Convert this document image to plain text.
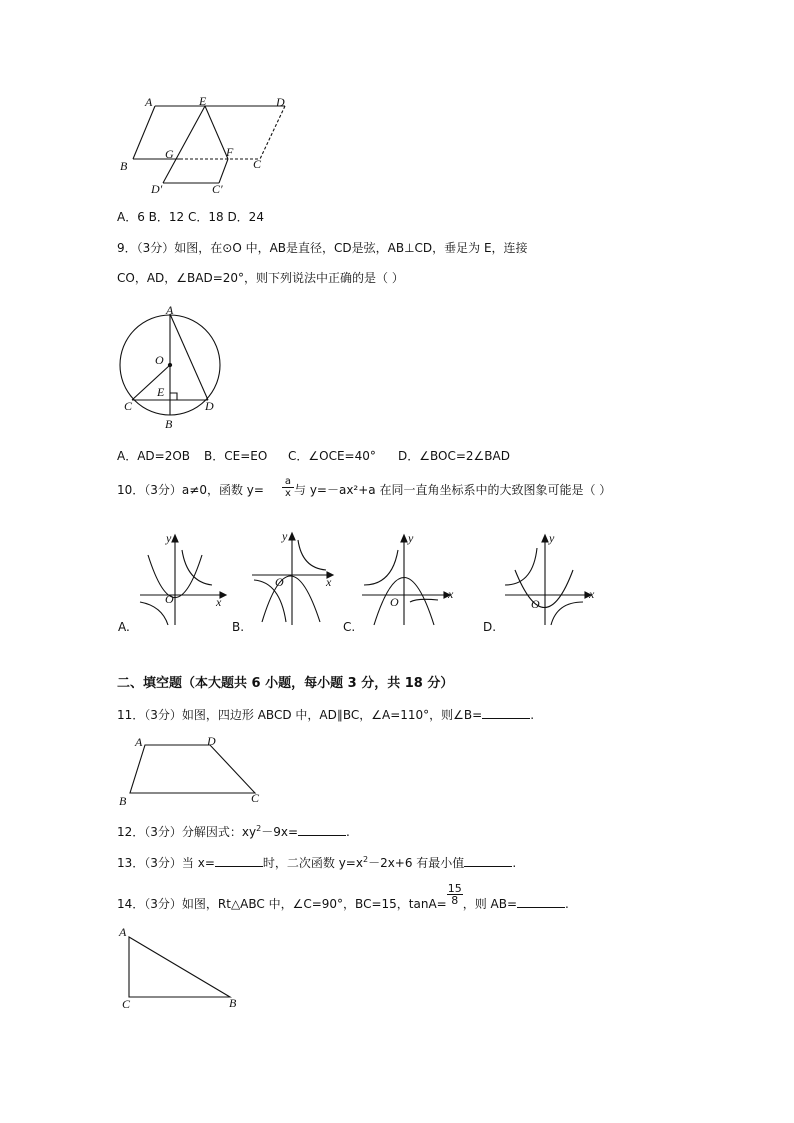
A	E	D
B
G	F
C
D′	C′
A．6 B．12 C．18 D．24
9．（3分）如图，在⊙O 中，AB是直径，CD是弦，AB⊥CD，垂足为 E，连接
CO，AD，∠BAD=20°，则下列说法中正确的是（ ）
A
O
E
C	D
B
A．AD=2OB B．CE=EO C．∠OCE=40° D．∠BOC=2∠BAD
10．（3分）a≠0，函数 $y= \frac{a}{x}$ 与 y=－ax²+a 在同一直角坐标系中的大致图象可能是（ ）
y
x
O
A.
y
x
O
B.
y
x
O
C.
y
x
O
D.
二、填空题（本大题共 6 小题，每小题 3 分，共 18 分）
11．（3分）如图，四边形 ABCD 中，AD∥BC，∠A=110°，则∠B=	.
A	D
B	C
12．（3分）分解因式：$xy^2-9x=$	.
13．（3分）当 x=	时，二次函数 $y=x^2-2x+6$ 有最小值	.
14．（3分）如图，Rt△ABC 中，∠C=90°，BC=15，$\tan A= \frac{15}{8}$ ，则 AB=	.
A
C	B
